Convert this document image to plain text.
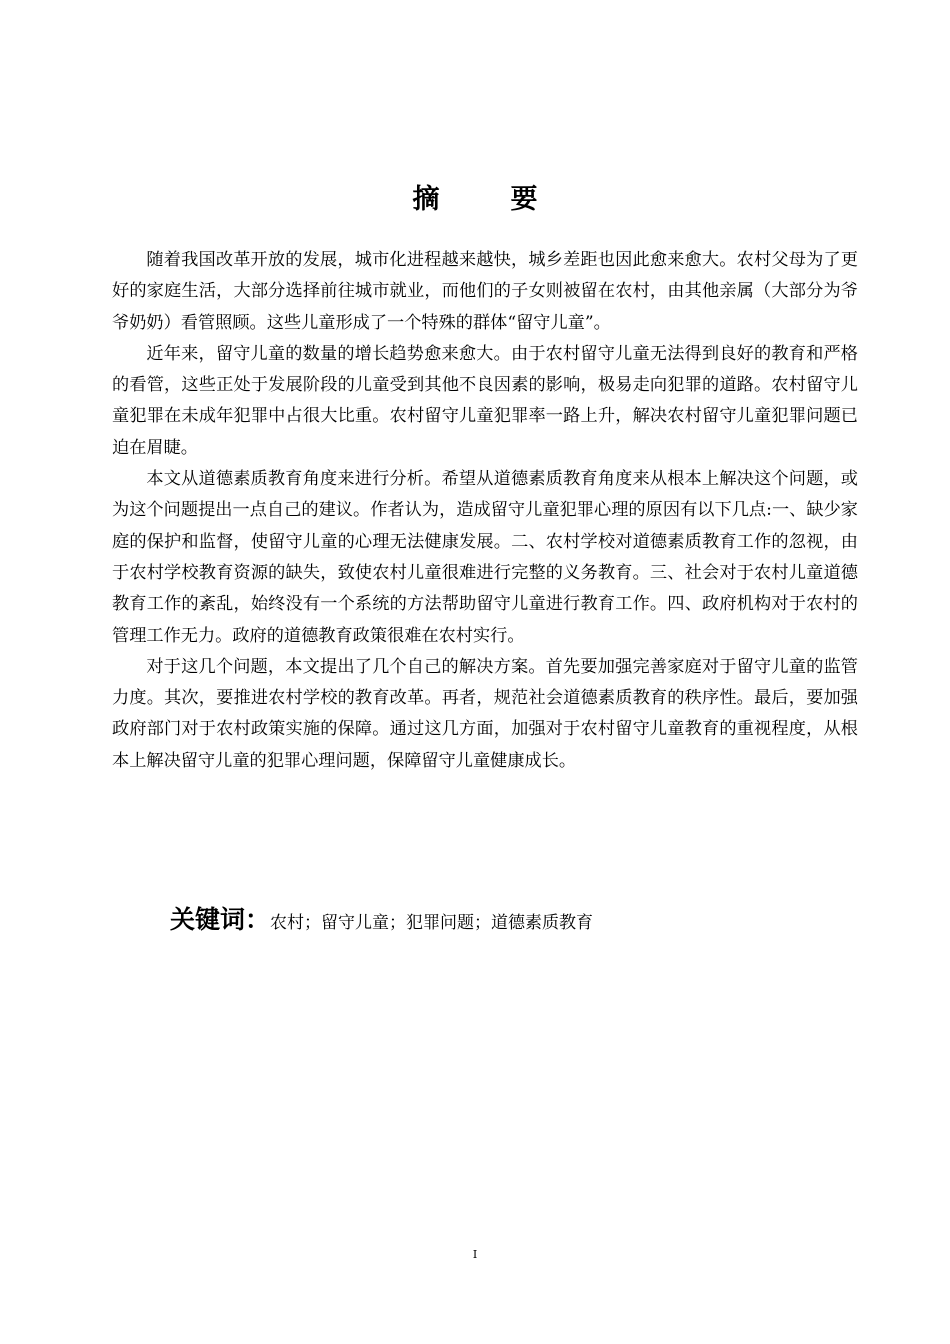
摘　要

随着我国改革开放的发展，城市化进程越来越快，城乡差距也因此愈来愈大。农村父母为了更好的家庭生活，大部分选择前往城市就业，而他们的子女则被留在农村，由其他亲属（大部分为爷爷奶奶）看管照顾。这些儿童形成了一个特殊的群体“留守儿童”。

近年来，留守儿童的数量的增长趋势愈来愈大。由于农村留守儿童无法得到良好的教育和严格的看管，这些正处于发展阶段的儿童受到其他不良因素的影响，极易走向犯罪的道路。农村留守儿童犯罪在未成年犯罪中占很大比重。农村留守儿童犯罪率一路上升，解决农村留守儿童犯罪问题已迫在眉睫。

本文从道德素质教育角度来进行分析。希望从道德素质教育角度来从根本上解决这个问题，或为这个问题提出一点自己的建议。作者认为，造成留守儿童犯罪心理的原因有以下几点:一、缺少家庭的保护和监督，使留守儿童的心理无法健康发展。二、农村学校对道德素质教育工作的忽视，由于农村学校教育资源的缺失，致使农村儿童很难进行完整的义务教育。三、社会对于农村儿童道德教育工作的紊乱，始终没有一个系统的方法帮助留守儿童进行教育工作。四、政府机构对于农村的管理工作无力。政府的道德教育政策很难在农村实行。

对于这几个问题，本文提出了几个自己的解决方案。首先要加强完善家庭对于留守儿童的监管力度。其次，要推进农村学校的教育改革。再者，规范社会道德素质教育的秩序性。最后，要加强政府部门对于农村政策实施的保障。通过这几方面，加强对于农村留守儿童教育的重视程度，从根本上解决留守儿童的犯罪心理问题，保障留守儿童健康成长。

关键词：农村；留守儿童；犯罪问题；道德素质教育
I
